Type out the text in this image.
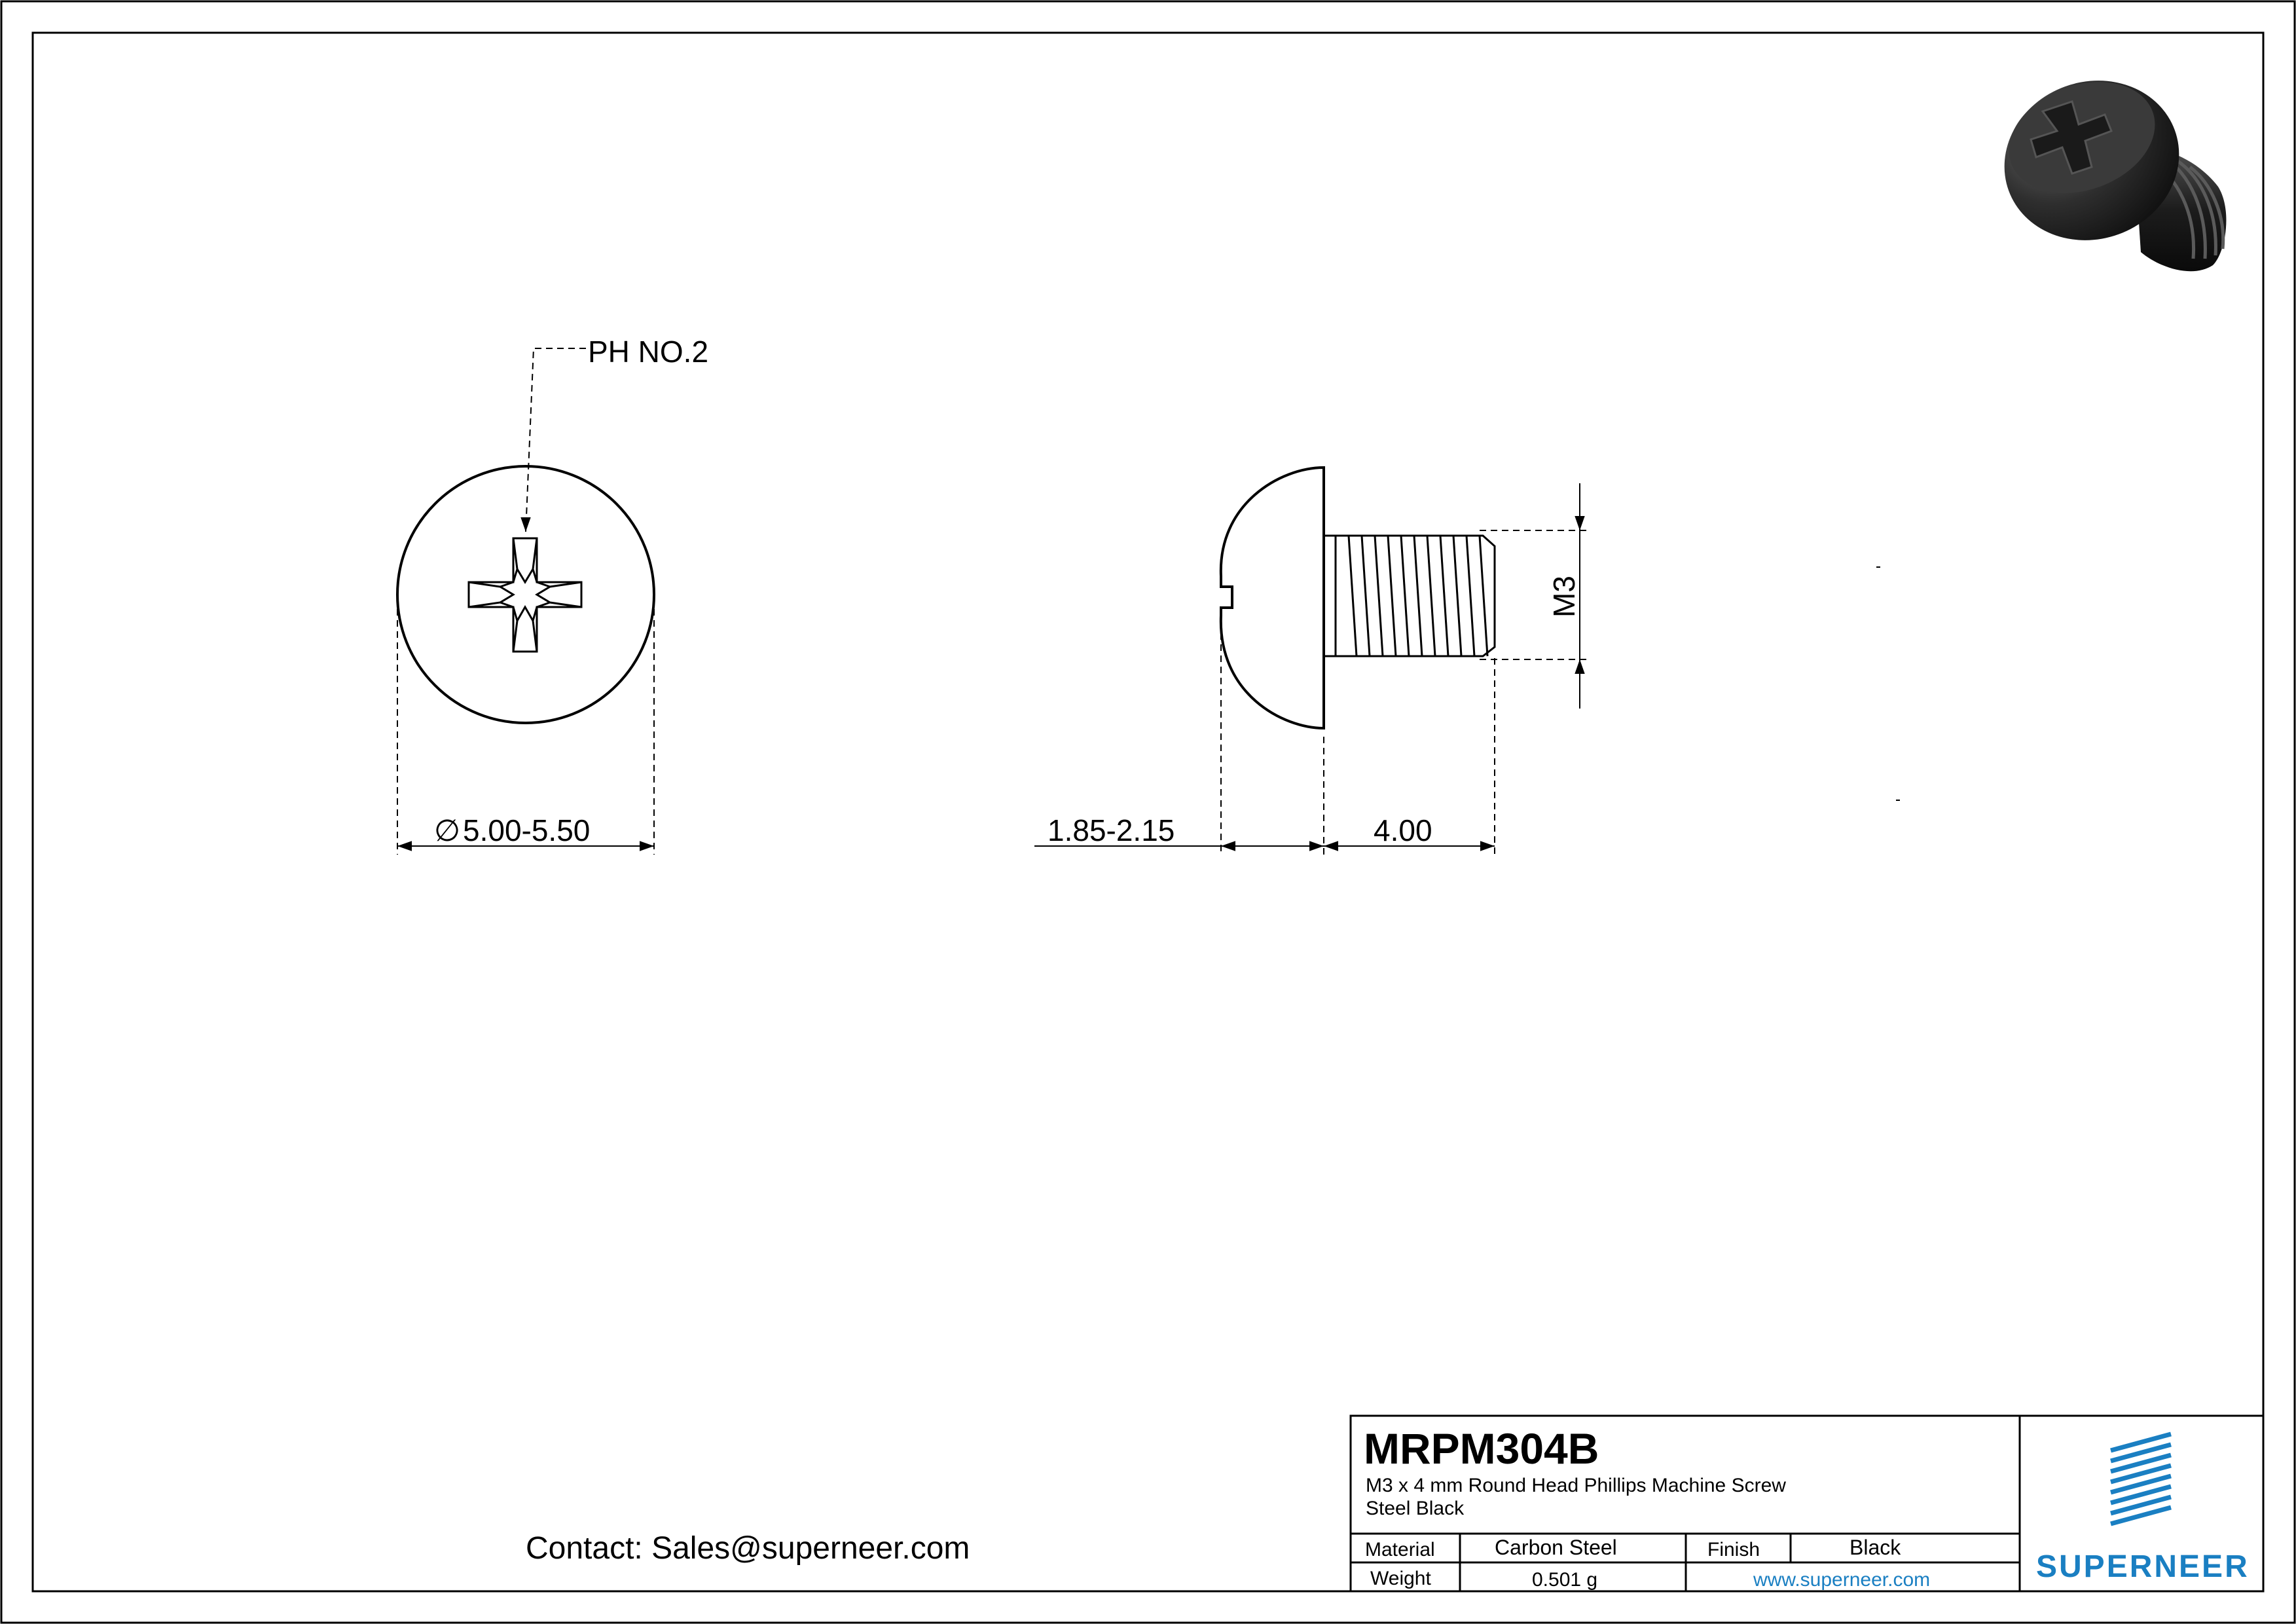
PH NO.2
∅ 5.00-5.50	1.85-2.15	4.00
M3
Contact: Sales@superneer.com
MRPM304B
M3 x 4 mm Round Head Phillips Machine Screw
Steel Black
Material	Carbon Steel	Finish	Black
Weight	0.501 g	www.superneer.com	SUPERNEER
